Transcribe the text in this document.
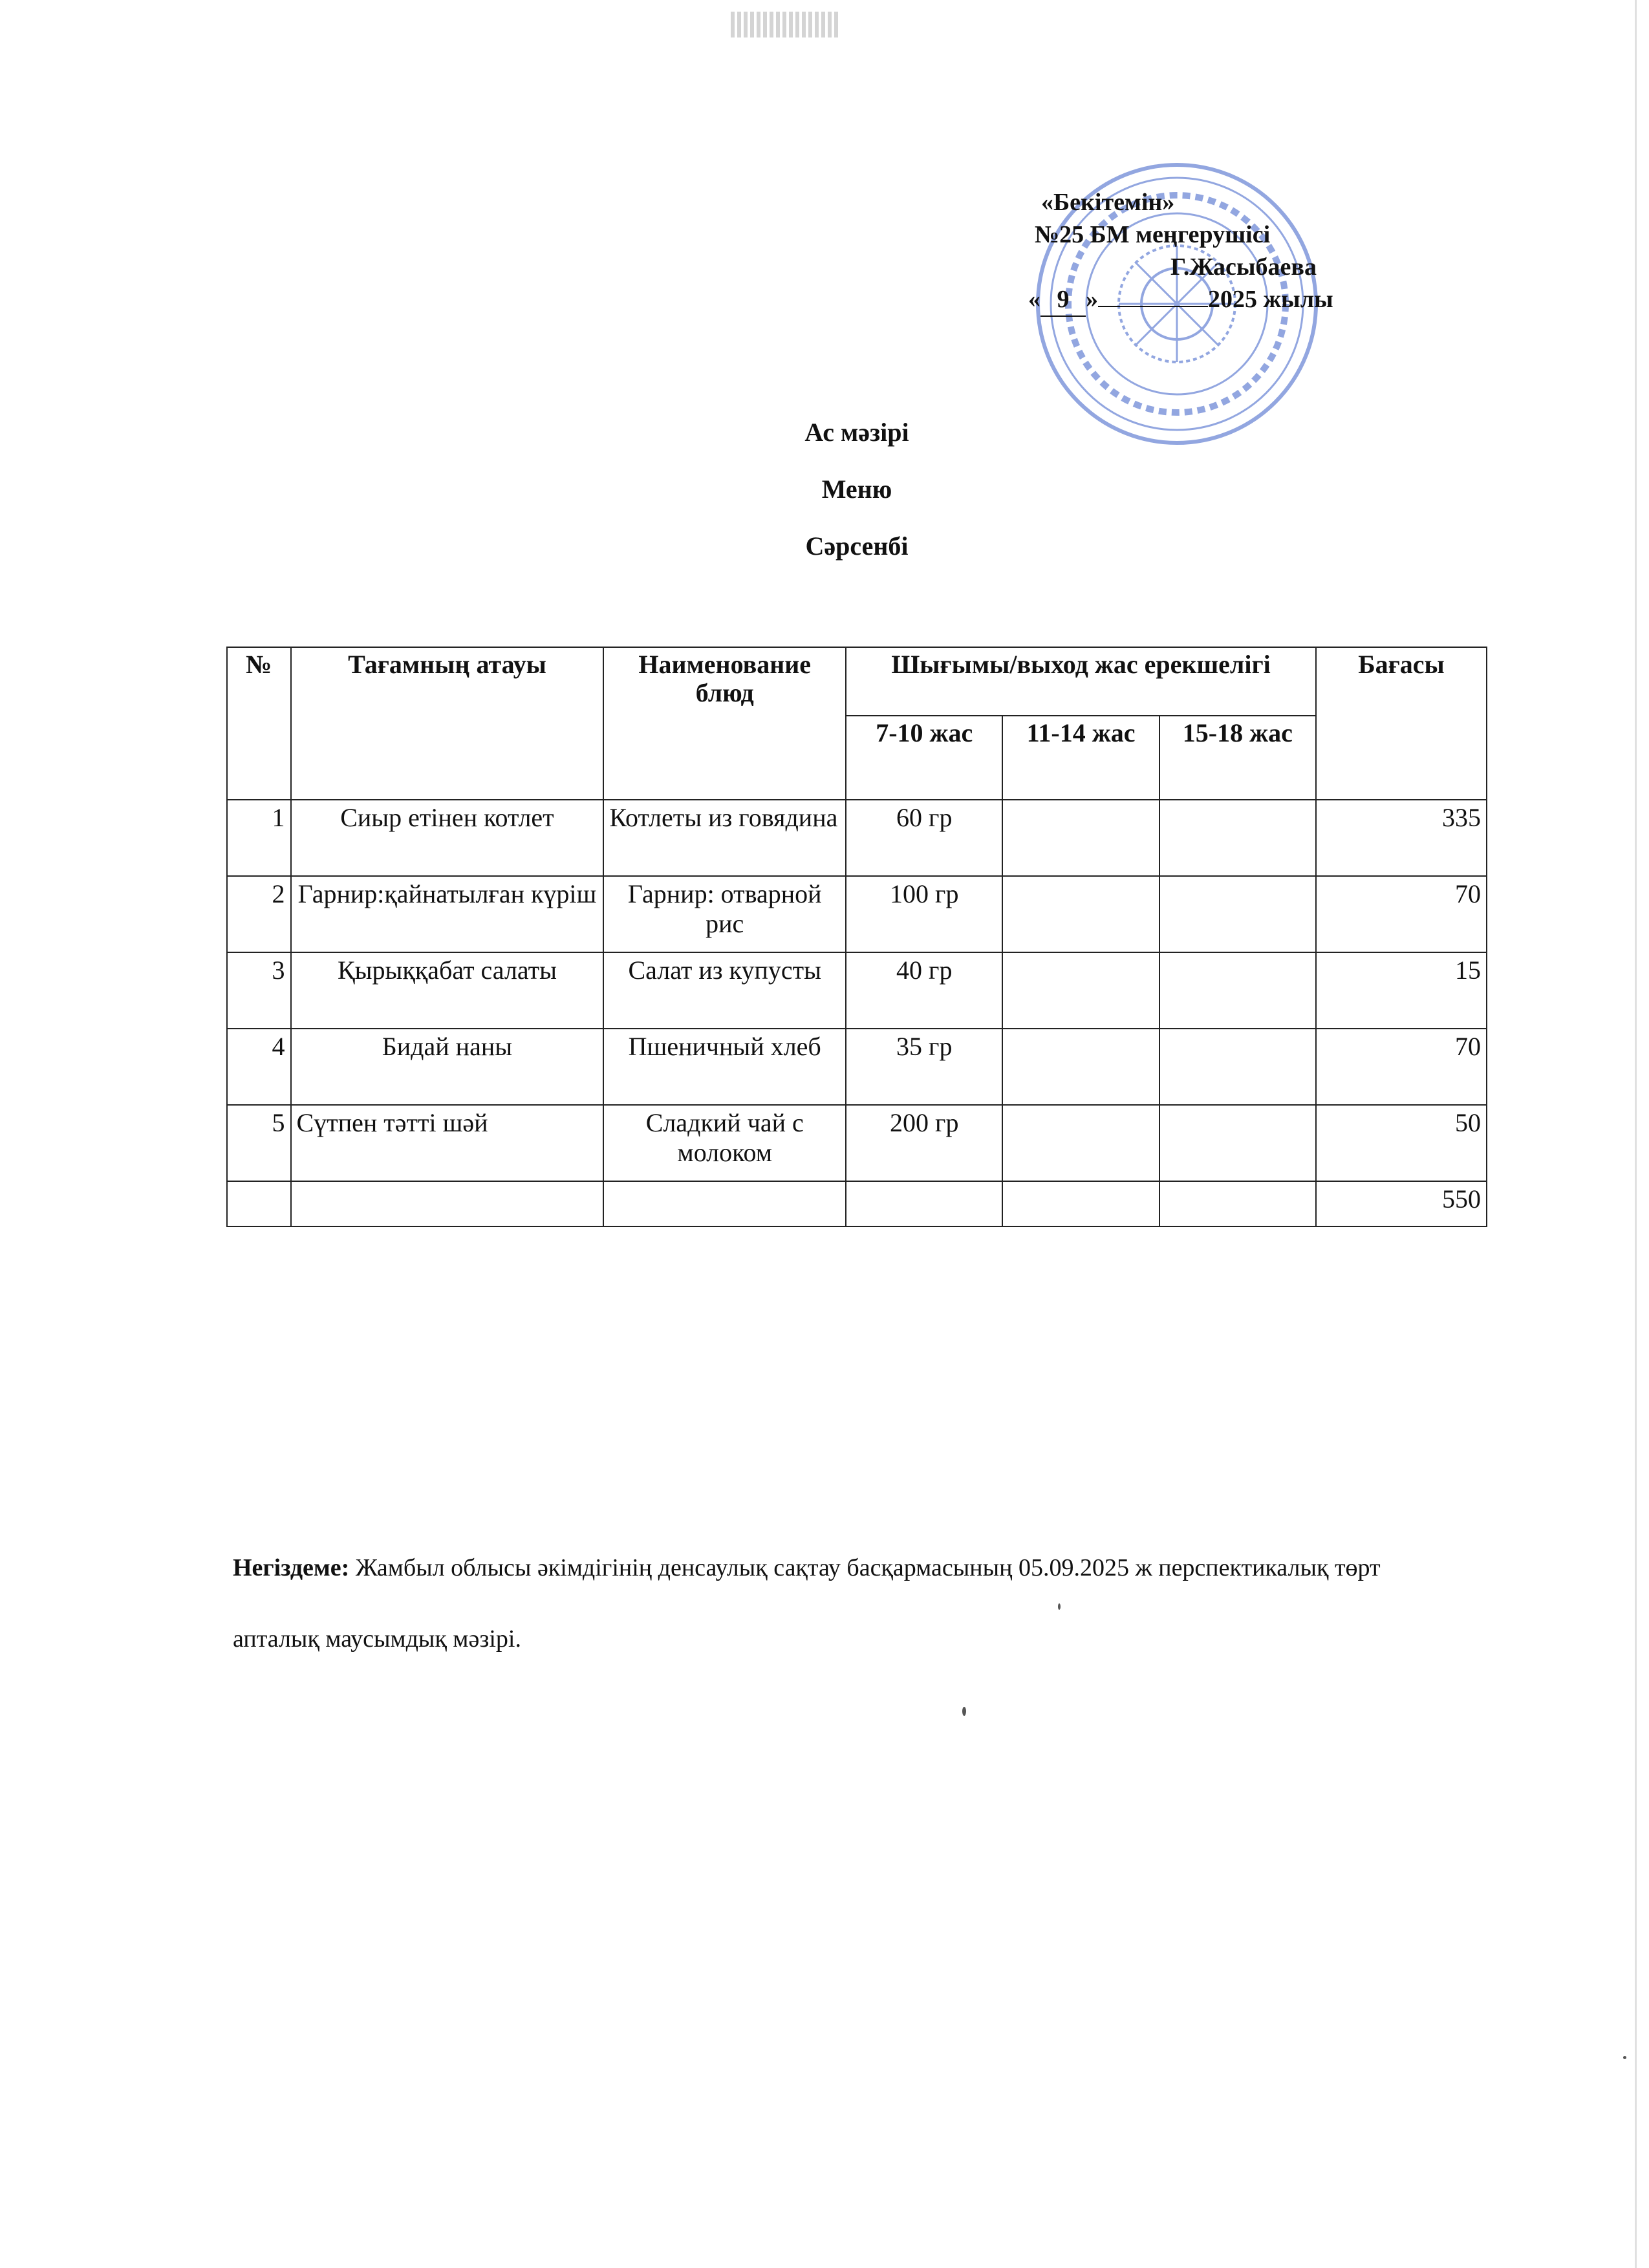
«Бекітемін»
№25 БМ меңгерушісі
Г.Жасыбаева
« 9 »	2025 жылы
Ас мәзірі
Меню
Сәрсенбі
№	Тағамның атауы	Наименование блюд	Шығымы/выход жас ерекшелігі			Бағасы
			7-10 жас	11-14 жас	15-18 жас	
1	Сиыр етінен котлет	Котлеты из говядина	60 гр			335
2	Гарнир:қайнатылған күріш	Гарнир: отварной рис	100 гр			70
3	Қырыққабат салаты	Салат из купусты	40 гр			15
4	Бидай наны	Пшеничный хлеб	35 гр			70
5	Сүтпен тәтті шәй	Сладкий чай с молоком	200 гр			50
						550
Негіздеме: Жамбыл облысы әкімдігінің денсаулық сақтау басқармасының 05.09.2025 ж перспектикалық төрт апталық маусымдық мәзірі.
